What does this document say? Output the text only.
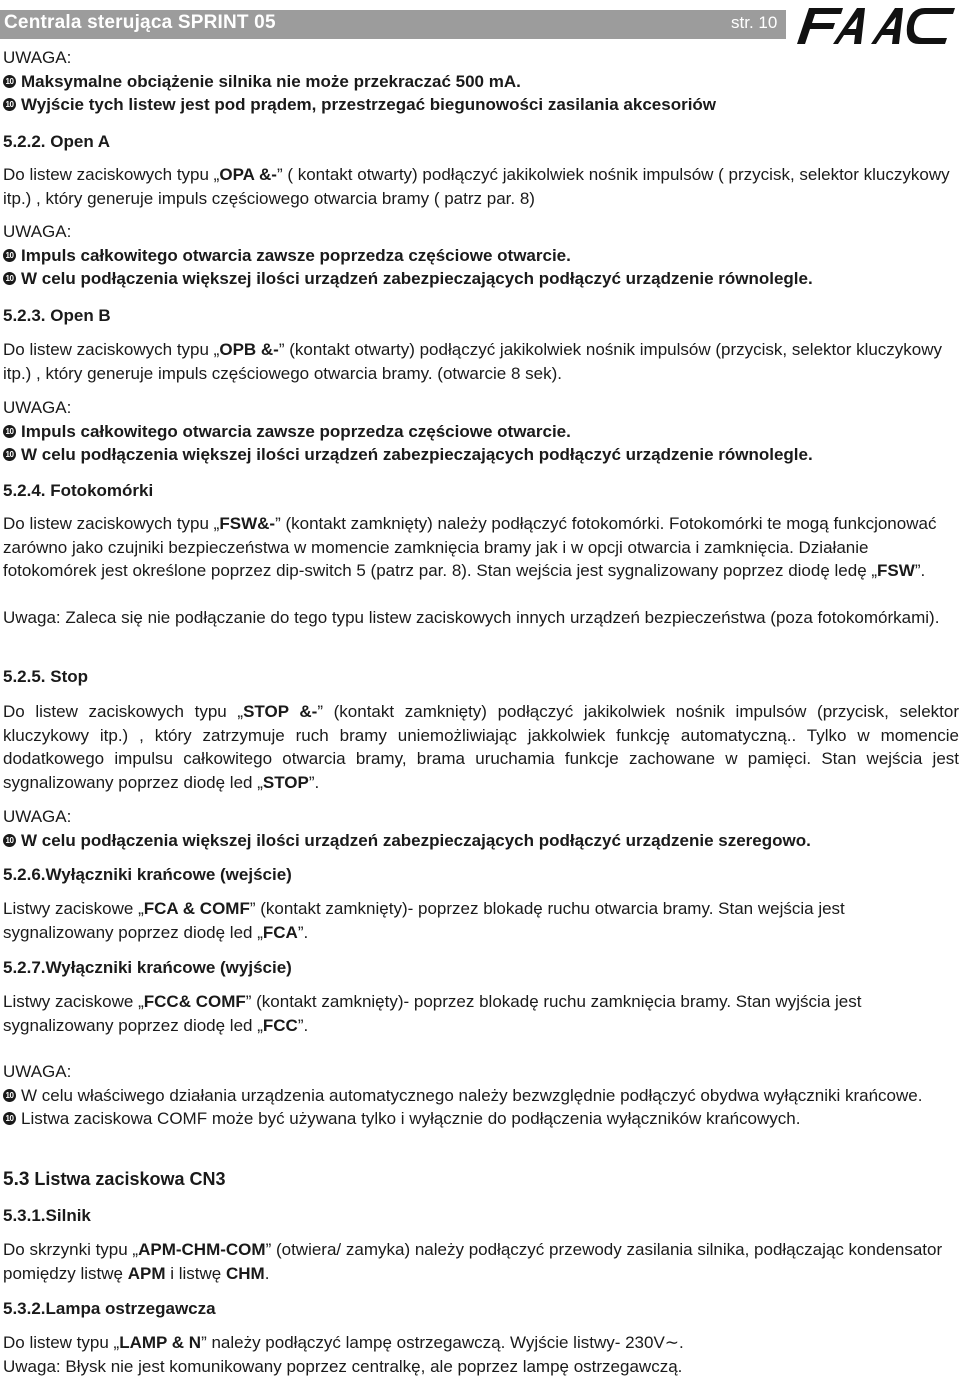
Centrala sterująca SPRINT 05	str. 10
UWAGA:
10 Maksymalne obciążenie silnika nie może przekraczać 500 mA.
10 Wyjście tych listew jest pod prądem, przestrzegać biegunowości zasilania akcesoriów
5.2.2. Open A
Do listew zaciskowych typu „OPA &-” ( kontakt otwarty) podłączyć jakikolwiek nośnik impulsów ( przycisk, selektor kluczykowy itp.) , który generuje impuls częściowego otwarcia bramy ( patrz par. 8)
UWAGA:
10 Impuls całkowitego otwarcia zawsze poprzedza częściowe otwarcie.
10 W celu podłączenia większej ilości urządzeń zabezpieczających podłączyć urządzenie równolegle.
5.2.3. Open B
Do listew zaciskowych typu „OPB &-” (kontakt otwarty) podłączyć jakikolwiek nośnik impulsów (przycisk, selektor kluczykowy itp.) , który generuje impuls częściowego otwarcia bramy. (otwarcie 8 sek).
UWAGA:
10 Impuls całkowitego otwarcia zawsze poprzedza częściowe otwarcie.
10 W celu podłączenia większej ilości urządzeń zabezpieczających podłączyć urządzenie równolegle.
5.2.4. Fotokomórki
Do listew zaciskowych typu „FSW&-” (kontakt zamknięty) należy podłączyć fotokomórki. Fotokomórki te mogą funkcjonować zarówno jako czujniki bezpieczeństwa w momencie zamknięcia bramy jak i w opcji otwarcia i zamknięcia. Działanie fotokomórek jest określone poprzez dip-switch 5 (patrz par. 8). Stan wejścia jest sygnalizowany poprzez diodę ledę „FSW”.
Uwaga: Zaleca się nie podłączanie do tego typu listew zaciskowych innych urządzeń bezpieczeństwa (poza fotokomórkami).
5.2.5. Stop
Do listew zaciskowych typu „STOP &-” (kontakt zamknięty) podłączyć jakikolwiek nośnik impulsów (przycisk, selektor kluczykowy itp.) , który zatrzymuje ruch bramy uniemożliwiając jakkolwiek funkcję automatyczną.. Tylko w momencie dodatkowego impulsu całkowitego otwarcia bramy, brama uruchamia funkcje zachowane w pamięci. Stan wejścia jest sygnalizowany poprzez diodę led „STOP”.
UWAGA:
10 W celu podłączenia większej ilości urządzeń zabezpieczających podłączyć urządzenie szeregowo.
5.2.6.Wyłączniki krańcowe (wejście)
Listwy zaciskowe „FCA & COMF” (kontakt zamknięty)- poprzez blokadę ruchu otwarcia bramy. Stan wejścia jest sygnalizowany poprzez diodę led „FCA”.
5.2.7.Wyłączniki krańcowe (wyjście)
Listwy zaciskowe „FCC& COMF” (kontakt zamknięty)- poprzez blokadę ruchu zamknięcia bramy. Stan wyjścia jest sygnalizowany poprzez diodę led „FCC”.
UWAGA:
10 W celu właściwego działania urządzenia automatycznego należy bezwzględnie podłączyć obydwa wyłączniki krańcowe.
10 Listwa zaciskowa COMF może być używana tylko i wyłącznie do podłączenia wyłączników krańcowych.
5.3 Listwa zaciskowa CN3
5.3.1.Silnik
Do skrzynki typu „APM-CHM-COM” (otwiera/ zamyka) należy podłączyć przewody zasilania silnika, podłączając kondensator pomiędzy listwę APM i listwę CHM.
5.3.2.Lampa ostrzegawcza
Do listew typu „LAMP & N” należy podłączyć lampę ostrzegawczą. Wyjście listwy- 230V∼.
Uwaga: Błysk nie jest komunikowany poprzez centralkę, ale poprzez lampę ostrzegawczą.
